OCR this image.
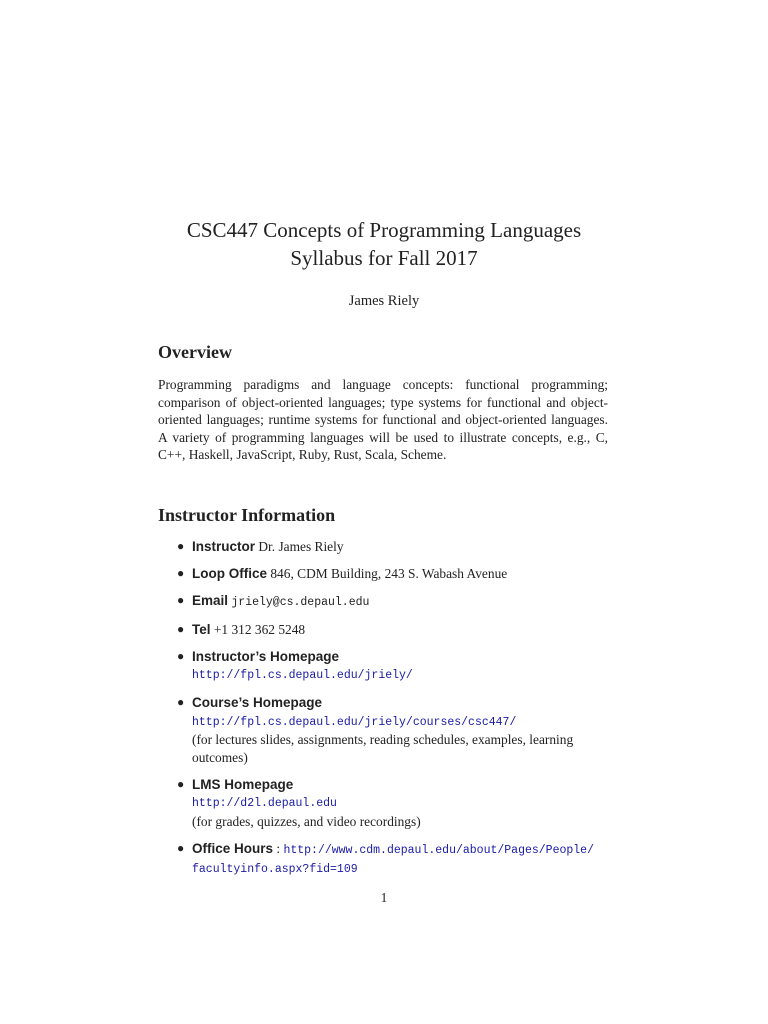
CSC447 Concepts of Programming Languages
Syllabus for Fall 2017
James Riely
Overview
Programming paradigms and language concepts: functional programming; comparison of object-oriented languages; type systems for functional and object-oriented languages; runtime systems for functional and object-oriented languages. A variety of programming languages will be used to illustrate concepts, e.g., C, C++, Haskell, JavaScript, Ruby, Rust, Scala, Scheme.
Instructor Information
● Instructor Dr. James Riely
● Loop Office 846, CDM Building, 243 S. Wabash Avenue
● Email jriely@cs.depaul.edu
● Tel +1 312 362 5248
● Instructor’s Homepage
http://fpl.cs.depaul.edu/jriely/
● Course’s Homepage
http://fpl.cs.depaul.edu/jriely/courses/csc447/
(for lectures slides, assignments, reading schedules, examples, learning outcomes)
● LMS Homepage
http://d2l.depaul.edu
(for grades, quizzes, and video recordings)
● Office Hours : http://www.cdm.depaul.edu/about/Pages/People/
facultyinfo.aspx?fid=109
1
